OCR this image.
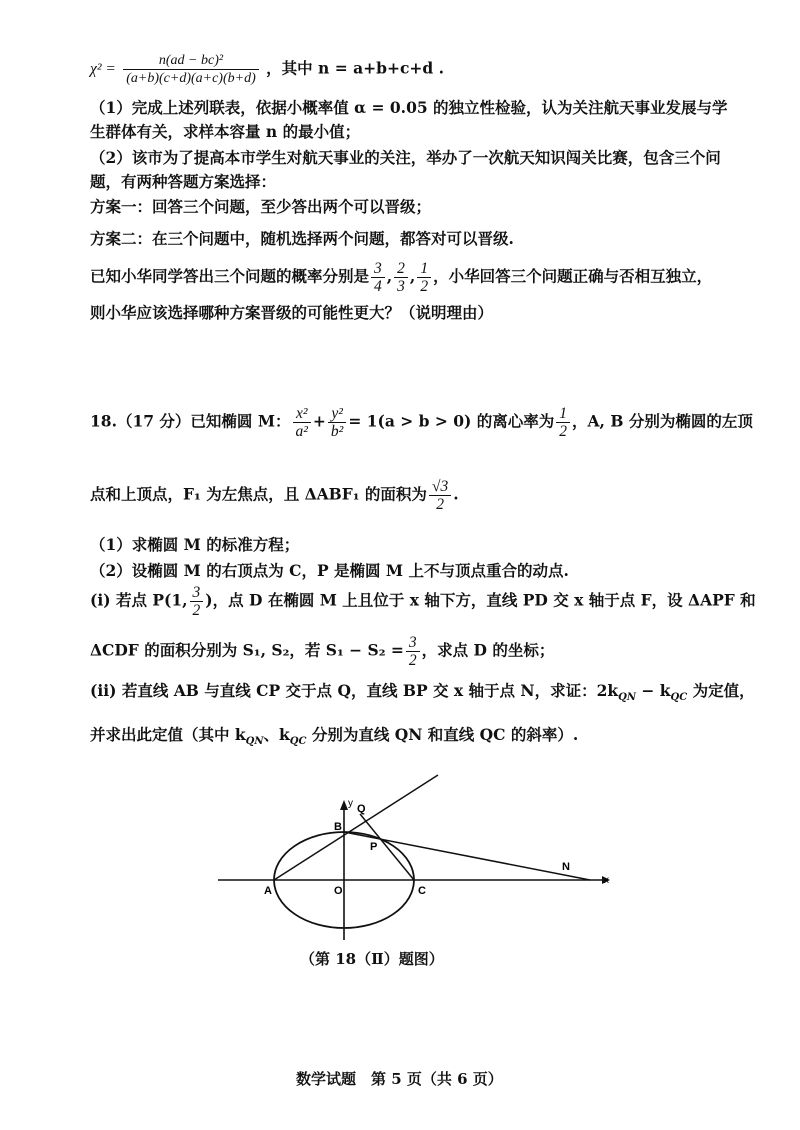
$\chi^2 = \frac{\text{n(ad − bc)²}}{(a+b)(c+d)(a+c)(b+d)}$ ，其中 n = a+b+c+d .
（1）完成上述列联表，依据小概率值 α = 0.05 的独立性检验，认为关注航天事业发展与学生群体有关，求样本容量 n 的最小值；
（2）该市为了提高本市学生对航天事业的关注，举办了一次航天知识闯关比赛，包含三个问题，有两种答题方案选择：
方案一：回答三个问题，至少答出两个可以晋级；
方案二：在三个问题中，随机选择两个问题，都答对可以晋级.
已知小华同学答出三个问题的概率分别是 $\frac{3}{4}$ , $\frac{2}{3}$ , $\frac{1}{2}$ ，小华回答三个问题正确与否相互独立，
则小华应该选择哪种方案晋级的可能性更大？（说明理由）
18.（17 分）已知椭圆 M： $\frac{\text{x²}}{\text{a²}} + \frac{\text{y²}}{\text{b²}} = 1(a > b > 0)$ 的离心率为 $\frac{1}{2}$ ，A, B 分别为椭圆的左顶
点和上顶点，F₁ 为左焦点，且 ΔABF₁ 的面积为 $\frac{√3}{2}$ .
（1）求椭圆 M 的标准方程；
（2）设椭圆 M 的右顶点为 C，P 是椭圆 M 上不与顶点重合的动点.
(i) 若点 P(1, $\frac{3}{2}$ )，点 D 在椭圆 M 上且位于 x 轴下方，直线 PD 交 x 轴于点 F，设 ΔAPF 和
ΔCDF 的面积分别为 S₁, S₂，若 $S_1 - S_2 = \frac{3}{2}$ ，求点 D 的坐标；
(ii) 若直线 AB 与直线 CP 交于点 Q，直线 BP 交 x 轴于点 N，求证：$2k_{QN} - k_{QC}$ 为定值，
并求出此定值（其中 $k_{QN}$、$k_{QC}$ 分别为直线 QN 和直线 QC 的斜率）.
y
x
A
B
C
O
P
Q
N
（第 18（Ⅱ）题图）
数学试题　第 5 页（共 6 页）
